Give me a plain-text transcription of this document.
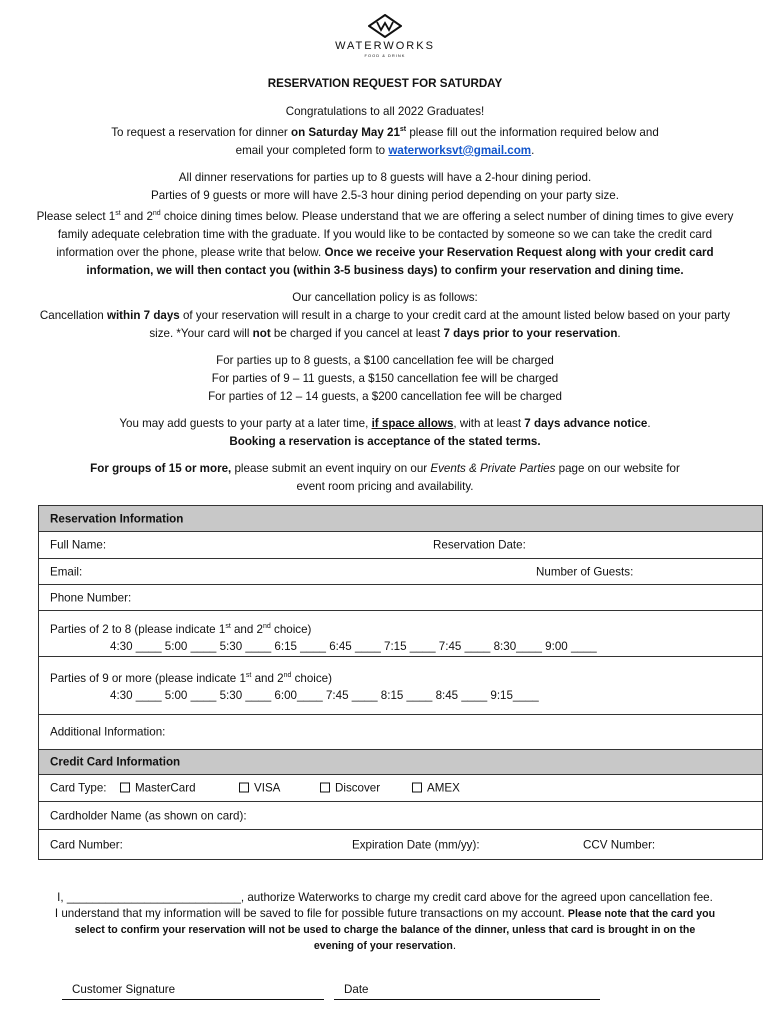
WATERWORKS
FOOD & DRINK

RESERVATION REQUEST FOR SATURDAY

Congratulations to all 2022 Graduates!

To request a reservation for dinner on Saturday May 21st please fill out the information required below and

email your completed form to waterworksvt@gmail.com.

All dinner reservations for parties up to 8 guests will have a 2-hour dining period.

Parties of 9 guests or more will have 2.5-3 hour dining period depending on your party size.

Please select 1st and 2nd choice dining times below. Please understand that we are offering a select number of dining times to give every

family adequate celebration time with the graduate. If you would like to be contacted by someone so we can take the credit card

information over the phone, please write that below. Once we receive your Reservation Request along with your credit card

information, we will then contact you (within 3-5 business days) to confirm your reservation and dining time.

Our cancellation policy is as follows:

Cancellation within 7 days of your reservation will result in a charge to your credit card at the amount listed below based on your party

size. *Your card will not be charged if you cancel at least 7 days prior to your reservation.

For parties up to 8 guests, a $100 cancellation fee will be charged

For parties of 9 – 11 guests, a $150 cancellation fee will be charged

For parties of 12 – 14 guests, a $200 cancellation fee will be charged

You may add guests to your party at a later time, if space allows, with at least 7 days advance notice.

Booking a reservation is acceptance of the stated terms.

For groups of 15 or more, please submit an event inquiry on our Events & Private Parties page on our website for

event room pricing and availability.

Reservation Information
Full Name:	Reservation Date:
Email:	Number of Guests:
Phone Number:
Parties of 2 to 8 (please indicate 1st and 2nd choice)
4:30 ____ 5:00 ____ 5:30 ____ 6:15 ____ 6:45 ____ 7:15 ____ 7:45 ____ 8:30____ 9:00 ____
Parties of 9 or more (please indicate 1st and 2nd choice)
4:30 ____ 5:00 ____ 5:30 ____ 6:00____ 7:45 ____ 8:15 ____ 8:45 ____ 9:15____
Additional Information:
Credit Card Information
Card Type:	MasterCard	VISA	Discover	AMEX
Cardholder Name (as shown on card):
Card Number:	Expiration Date (mm/yy):	CCV Number:

I, ___________________________, authorize Waterworks to charge my credit card above for the agreed upon cancellation fee.

I understand that my information will be saved to file for possible future transactions on my account. Please note that the card you

select to confirm your reservation will not be used to charge the balance of the dinner, unless that card is brought in on the

evening of your reservation.

Customer Signature	Date
